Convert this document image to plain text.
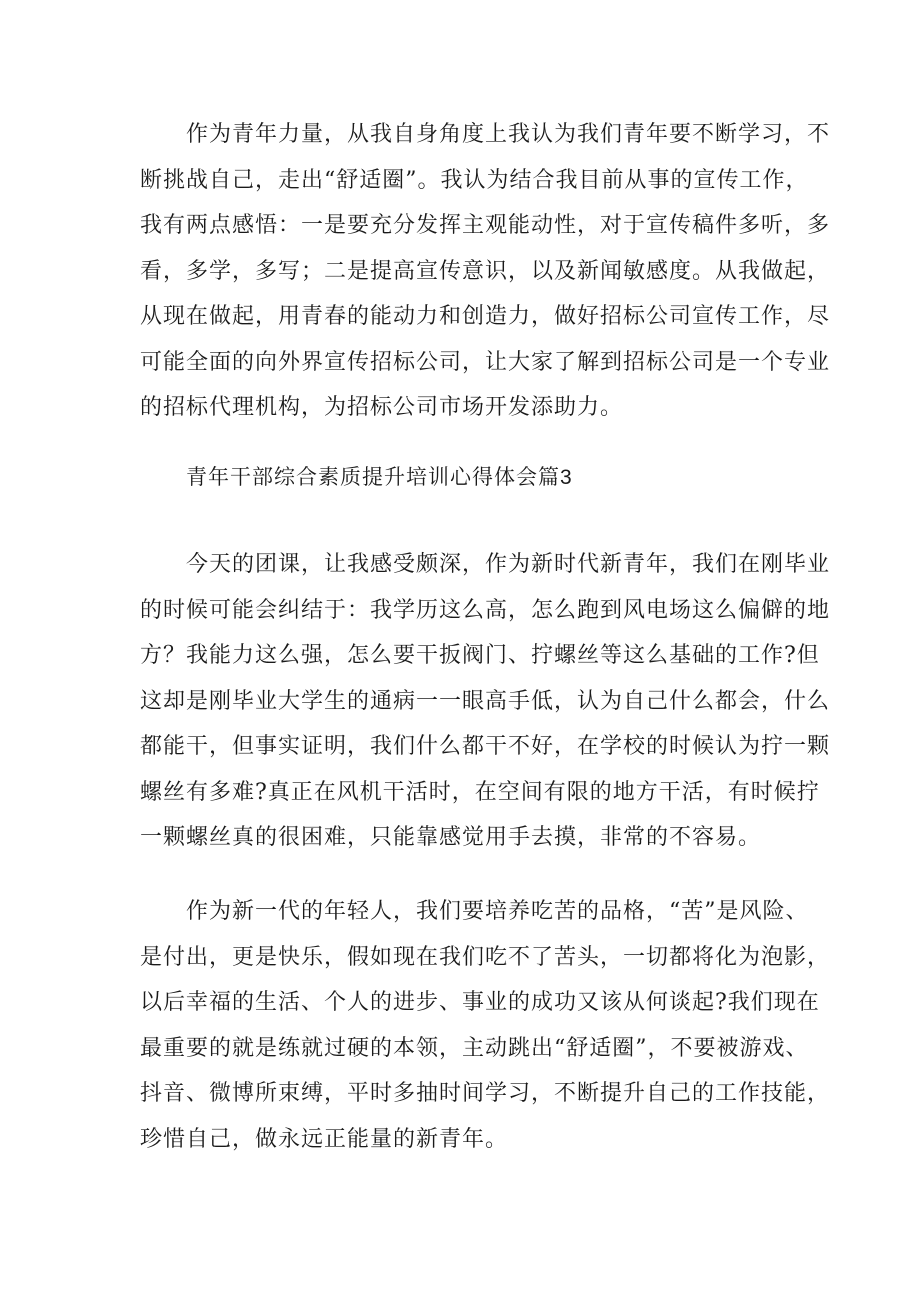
作为青年力量，从我自身角度上我认为我们青年要不断学习，不
断挑战自己，走出“舒适圈”。我认为结合我目前从事的宣传工作，
我有两点感悟：一是要充分发挥主观能动性，对于宣传稿件多听，多
看，多学，多写；二是提高宣传意识，以及新闻敏感度。从我做起，
从现在做起，用青春的能动力和创造力，做好招标公司宣传工作，尽
可能全面的向外界宣传招标公司，让大家了解到招标公司是一个专业
的招标代理机构，为招标公司市场开发添助力。
青年干部综合素质提升培训心得体会篇3
今天的团课，让我感受颇深，作为新时代新青年，我们在刚毕业
的时候可能会纠结于：我学历这么高，怎么跑到风电场这么偏僻的地
方？我能力这么强，怎么要干扳阀门、拧螺丝等这么基础的工作?但
这却是刚毕业大学生的通病一一眼高手低，认为自己什么都会，什么
都能干，但事实证明，我们什么都干不好，在学校的时候认为拧一颗
螺丝有多难?真正在风机干活时，在空间有限的地方干活，有时候拧
一颗螺丝真的很困难，只能靠感觉用手去摸，非常的不容易。
作为新一代的年轻人，我们要培养吃苦的品格，“苦”是风险、
是付出，更是快乐，假如现在我们吃不了苦头，一切都将化为泡影，
以后幸福的生活、个人的进步、事业的成功又该从何谈起?我们现在
最重要的就是练就过硬的本领，主动跳出“舒适圈”，不要被游戏、
抖音、微博所束缚，平时多抽时间学习，不断提升自己的工作技能，
珍惜自己，做永远正能量的新青年。
